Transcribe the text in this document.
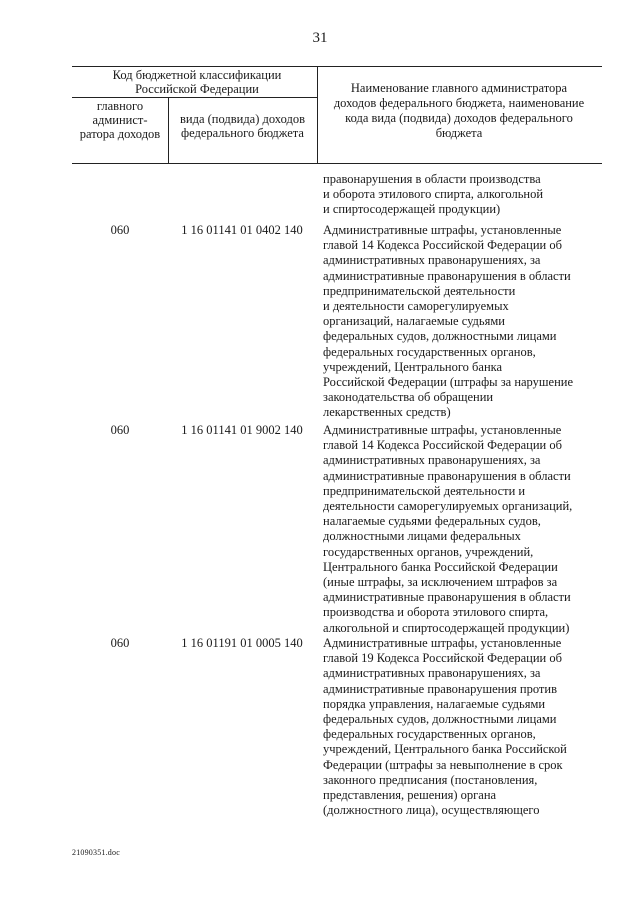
31
Код бюджетной классификации Российской Федерации
главного админист-ратора доходов
вида (подвида) доходов федерального бюджета
Наименование главного администратора доходов федерального бюджета, наименование кода вида (подвида) доходов федерального бюджета
правонарушения в области производства
и оборота этилового спирта, алкогольной
и спиртосодержащей продукции)
060	1 16 01141 01 0402 140	Административные штрафы, установленные
главой 14 Кодекса Российской Федерации об
административных правонарушениях, за
административные правонарушения в области
предпринимательской деятельности
и деятельности саморегулируемых
организаций, налагаемые судьями
федеральных судов, должностными лицами
федеральных государственных органов,
учреждений, Центрального банка
Российской Федерации (штрафы за нарушение
законодательства об обращении
лекарственных средств)
060	1 16 01141 01 9002 140	Административные штрафы, установленные
главой 14 Кодекса Российской Федерации об
административных правонарушениях, за
административные правонарушения в области
предпринимательской деятельности и
деятельности саморегулируемых организаций,
налагаемые судьями федеральных судов,
должностными лицами федеральных
государственных органов, учреждений,
Центрального банка Российской Федерации
(иные штрафы, за исключением штрафов за
административные правонарушения в области
производства и оборота этилового спирта,
алкогольной и спиртосодержащей продукции)
060	1 16 01191 01 0005 140	Административные штрафы, установленные
главой 19 Кодекса Российской Федерации об
административных правонарушениях, за
административные правонарушения против
порядка управления, налагаемые судьями
федеральных судов, должностными лицами
федеральных государственных органов,
учреждений, Центрального банка Российской
Федерации (штрафы за невыполнение в срок
законного предписания (постановления,
представления, решения) органа
(должностного лица), осуществляющего
21090351.doc
